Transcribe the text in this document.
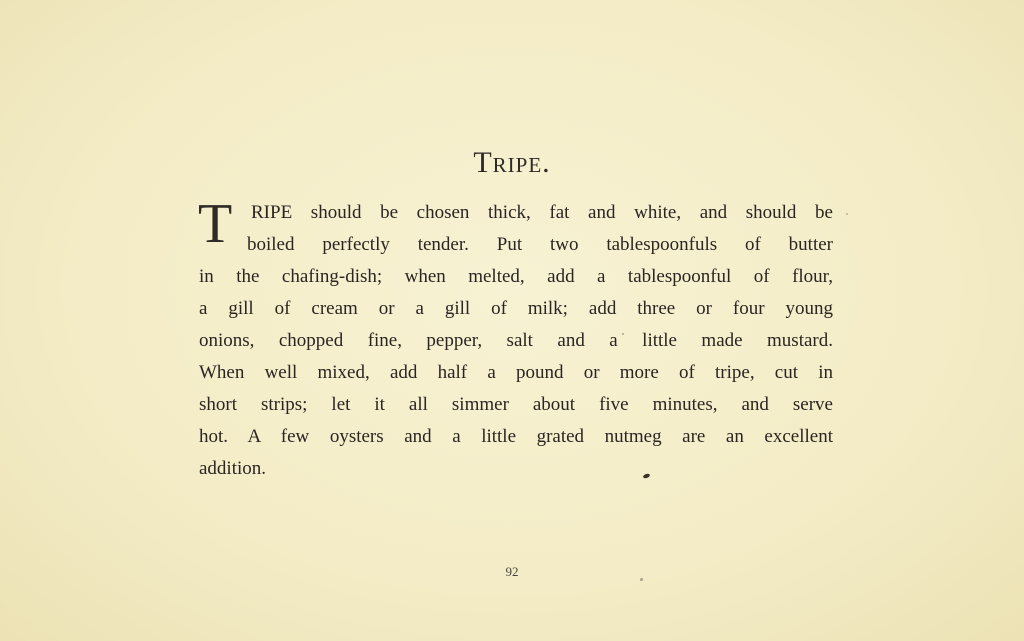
Tripe.
T RIPE should be chosen thick, fat and white, and should be
boiled perfectly tender. Put two tablespoonfuls of butter
in the chafing-dish; when melted, add a tablespoonful of flour,
a gill of cream or a gill of milk; add three or four young
onions, chopped fine, pepper, salt and a little made mustard.
When well mixed, add half a pound or more of tripe, cut in
short strips; let it all simmer about five minutes, and serve
hot. A few oysters and a little grated nutmeg are an excellent
addition.
92
